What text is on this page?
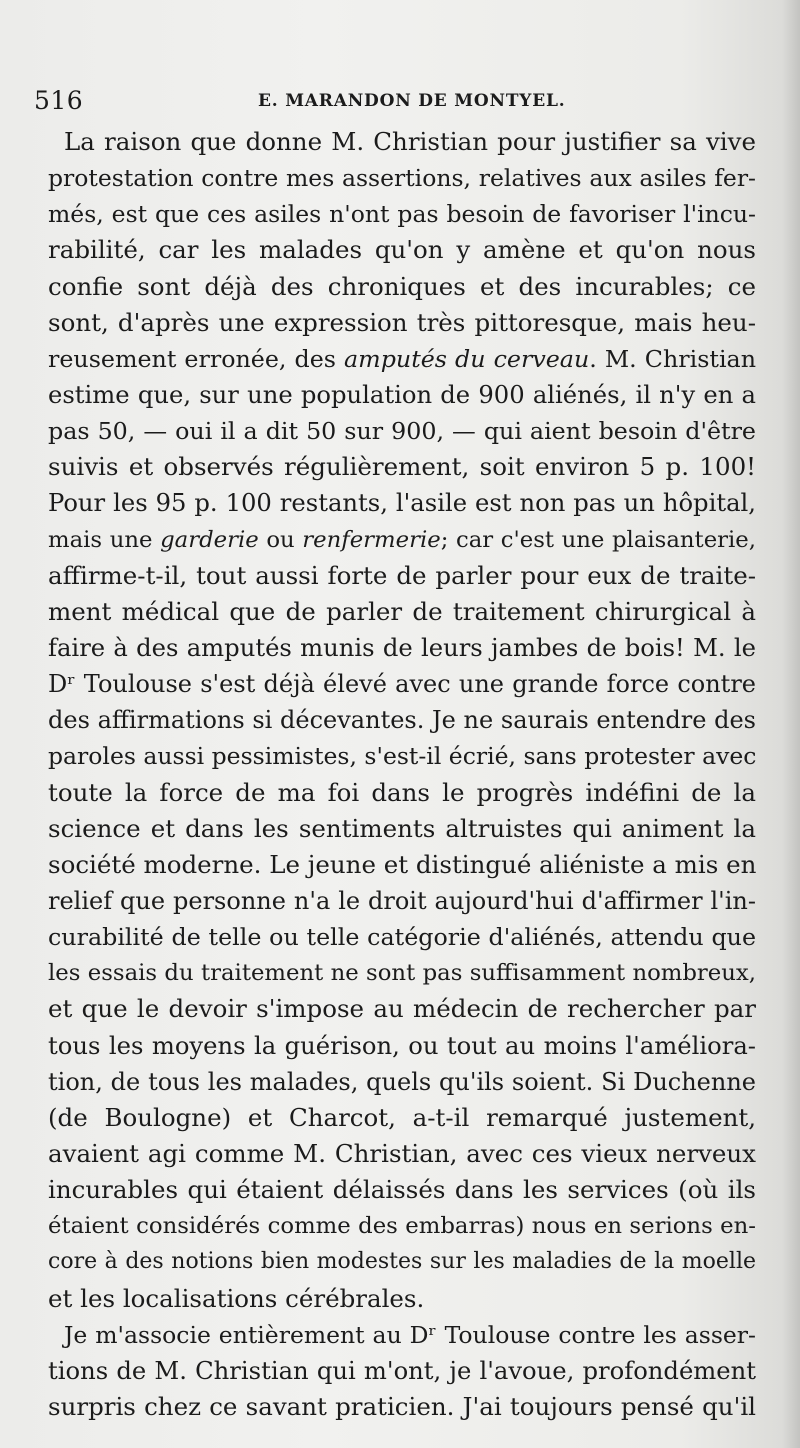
516	E. MARANDON DE MONTYEL.
La raison que donne M. Christian pour justifier sa vive
protestation contre mes assertions, relatives aux asiles fer-
més, est que ces asiles n'ont pas besoin de favoriser l'incu-
rabilité, car les malades qu'on y amène et qu'on nous
confie sont déjà des chroniques et des incurables; ce
sont, d'après une expression très pittoresque, mais heu-
reusement erronée, des amputés du cerveau. M. Christian
estime que, sur une population de 900 aliénés, il n'y en a
pas 50, — oui il a dit 50 sur 900, — qui aient besoin d'être
suivis et observés régulièrement, soit environ 5 p. 100!
Pour les 95 p. 100 restants, l'asile est non pas un hôpital,
mais une garderie ou renfermerie; car c'est une plaisanterie,
affirme-t-il, tout aussi forte de parler pour eux de traite-
ment médical que de parler de traitement chirurgical à
faire à des amputés munis de leurs jambes de bois! M. le
Dʳ Toulouse s'est déjà élevé avec une grande force contre
des affirmations si décevantes. Je ne saurais entendre des
paroles aussi pessimistes, s'est-il écrié, sans protester avec
toute la force de ma foi dans le progrès indéfini de la
science et dans les sentiments altruistes qui animent la
société moderne. Le jeune et distingué aliéniste a mis en
relief que personne n'a le droit aujourd'hui d'affirmer l'in-
curabilité de telle ou telle catégorie d'aliénés, attendu que
les essais du traitement ne sont pas suffisamment nombreux,
et que le devoir s'impose au médecin de rechercher par
tous les moyens la guérison, ou tout au moins l'améliora-
tion, de tous les malades, quels qu'ils soient. Si Duchenne
(de Boulogne) et Charcot, a-t-il remarqué justement,
avaient agi comme M. Christian, avec ces vieux nerveux
incurables qui étaient délaissés dans les services (où ils
étaient considérés comme des embarras) nous en serions en-
core à des notions bien modestes sur les maladies de la moelle
et les localisations cérébrales.
Je m'associe entièrement au Dʳ Toulouse contre les asser-
tions de M. Christian qui m'ont, je l'avoue, profondément
surpris chez ce savant praticien. J'ai toujours pensé qu'il
